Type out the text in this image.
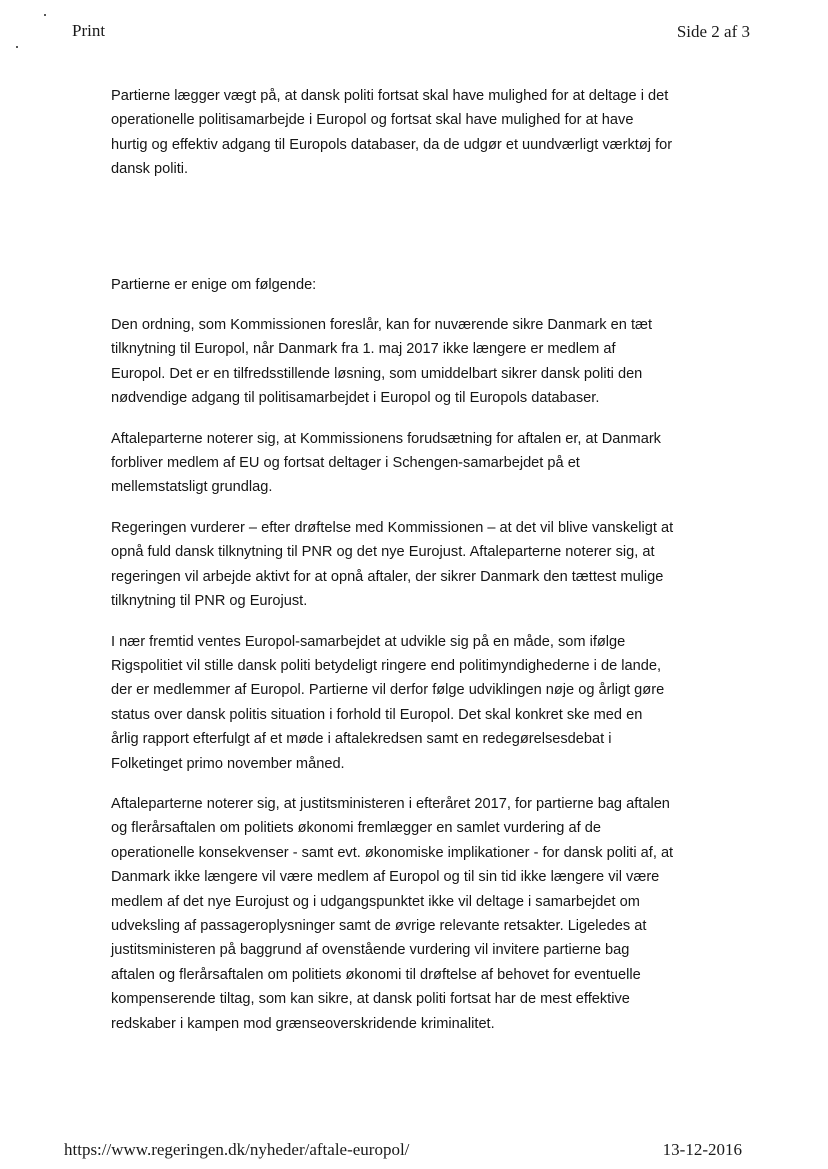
Print	Side 2 af 3

Partierne lægger vægt på, at dansk politi fortsat skal have mulighed for at deltage i det
operationelle politisamarbejde i Europol og fortsat skal have mulighed for at have
hurtig og effektiv adgang til Europols databaser, da de udgør et uundværligt værktøj for
dansk politi.

Partierne er enige om følgende:

Den ordning, som Kommissionen foreslår, kan for nuværende sikre Danmark en tæt
tilknytning til Europol, når Danmark fra 1. maj 2017 ikke længere er medlem af
Europol. Det er en tilfredsstillende løsning, som umiddelbart sikrer dansk politi den
nødvendige adgang til politisamarbejdet i Europol og til Europols databaser.

Aftaleparterne noterer sig, at Kommissionens forudsætning for aftalen er, at Danmark
forbliver medlem af EU og fortsat deltager i Schengen-samarbejdet på et
mellemstatsligt grundlag.

Regeringen vurderer – efter drøftelse med Kommissionen – at det vil blive vanskeligt at
opnå fuld dansk tilknytning til PNR og det nye Eurojust. Aftaleparterne noterer sig, at
regeringen vil arbejde aktivt for at opnå aftaler, der sikrer Danmark den tættest mulige
tilknytning til PNR og Eurojust.

I nær fremtid ventes Europol-samarbejdet at udvikle sig på en måde, som ifølge
Rigspolitiet vil stille dansk politi betydeligt ringere end politimyndighederne i de lande,
der er medlemmer af Europol. Partierne vil derfor følge udviklingen nøje og årligt gøre
status over dansk politis situation i forhold til Europol. Det skal konkret ske med en
årlig rapport efterfulgt af et møde i aftalekredsen samt en redegørelsesdebat i
Folketinget primo november måned.

Aftaleparterne noterer sig, at justitsministeren i efteråret 2017, for partierne bag aftalen
og flerårsaftalen om politiets økonomi fremlægger en samlet vurdering af de
operationelle konsekvenser - samt evt. økonomiske implikationer - for dansk politi af, at
Danmark ikke længere vil være medlem af Europol og til sin tid ikke længere vil være
medlem af det nye Eurojust og i udgangspunktet ikke vil deltage i samarbejdet om
udveksling af passageroplysninger samt de øvrige relevante retsakter. Ligeledes at
justitsministeren på baggrund af ovenstående vurdering vil invitere partierne bag
aftalen og flerårsaftalen om politiets økonomi til drøftelse af behovet for eventuelle
kompenserende tiltag, som kan sikre, at dansk politi fortsat har de mest effektive
redskaber i kampen mod grænseoverskridende kriminalitet.

https://www.regeringen.dk/nyheder/aftale-europol/	13-12-2016
